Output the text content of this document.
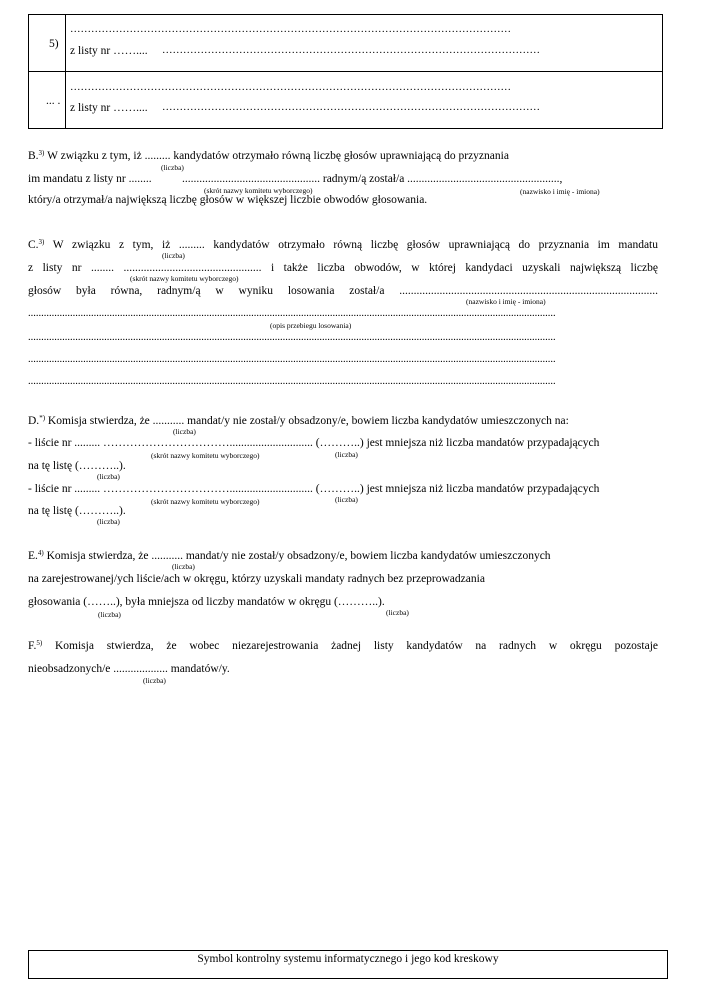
5)
………………………………………………………………………………………………………………
z listy nr …….... ………………………………………………………………………………………………
... .
………………………………………………………………………………………………………………
z listy nr …….... ………………………………………………………………………………………………
B.$^{3)}$ W związku z tym, iż ......... kandydatów otrzymało równą liczbę głosów uprawniającą do przyznania
(liczba)
im mandatu z listy nr ........	................................................ radnym/ą został/a .....................................................,
(skrót nazwy komitetu wyborczego)	(nazwisko i imię - imiona)
który/a otrzymał/a największą liczbę głosów w większej liczbie obwodów głosowania.
C.$^{3)}$ W związku z tym, iż ......... kandydatów otrzymało równą liczbę głosów uprawniającą do przyznania im mandatu
(liczba)
z listy nr ........ ................................................ i także liczba obwodów, w której kandydaci uzyskali największą liczbę
(skrót nazwy komitetu wyborczego)
głosów była równa, radnym/ą w wyniku losowania został/a ..........................................................................................
(nazwisko i imię - imiona)
.........................................................................................................................................................................................................
(opis przebiegu losowania)
.........................................................................................................................................................................................................
.........................................................................................................................................................................................................
.........................................................................................................................................................................................................
D.*) Komisja stwierdza, że ........... mandat/y nie został/y obsadzony/e, bowiem liczba kandydatów umieszczonych na:
(liczba)
- liście nr ......... ……………………………............................. (………..) jest mniejsza niż liczba mandatów przypadających
(skrót nazwy komitetu wyborczego)	(liczba)
na tę listę (………..).
(liczba)
- liście nr ......... ……………………………............................. (………..) jest mniejsza niż liczba mandatów przypadających
(skrót nazwy komitetu wyborczego)	(liczba)
na tę listę (………..).
(liczba)
E.$^{4)}$ Komisja stwierdza, że ........... mandat/y nie został/y obsadzony/e, bowiem liczba kandydatów umieszczonych
(liczba)
na zarejestrowanej/ych liście/ach w okręgu, którzy uzyskali mandaty radnych bez przeprowadzania
głosowania (……..), była mniejsza od liczby mandatów w okręgu (………..).
(liczba)	(liczba)
F.$^{5)}$ Komisja stwierdza, że wobec niezarejestrowania żadnej listy kandydatów na radnych w okręgu pozostaje
nieobsadzonych/e ................... mandatów/y.
(liczba)
Symbol kontrolny systemu informatycznego i jego kod kreskowy
